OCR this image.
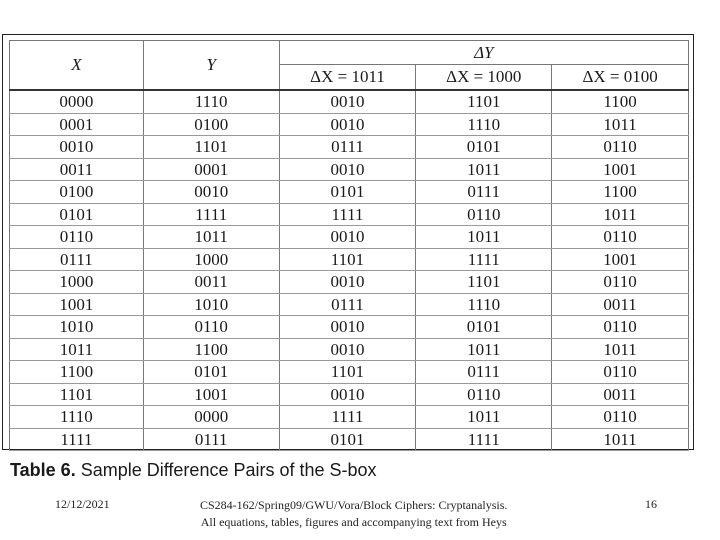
X	Y	ΔY		
		ΔX = 1011	ΔX = 1000	ΔX = 0100
0000	1110	0010	1101	1100
0001	0100	0010	1110	1011
0010	1101	0111	0101	0110
0011	0001	0010	1011	1001
0100	0010	0101	0111	1100
0101	1111	1111	0110	1011
0110	1011	0010	1011	0110
0111	1000	1101	1111	1001
1000	0011	0010	1101	0110
1001	1010	0111	1110	0011
1010	0110	0010	0101	0110
1011	1100	0010	1011	1011
1100	0101	1101	0111	0110
1101	1001	0010	0110	0011
1110	0000	1111	1011	0110
1111	0111	0101	1111	1011
Table 6. Sample Difference Pairs of the S-box
12/12/2021	CS284-162/Spring09/GWU/Vora/Block Ciphers: Cryptanalysis.
All equations, tables, figures and accompanying text from Heys
16
